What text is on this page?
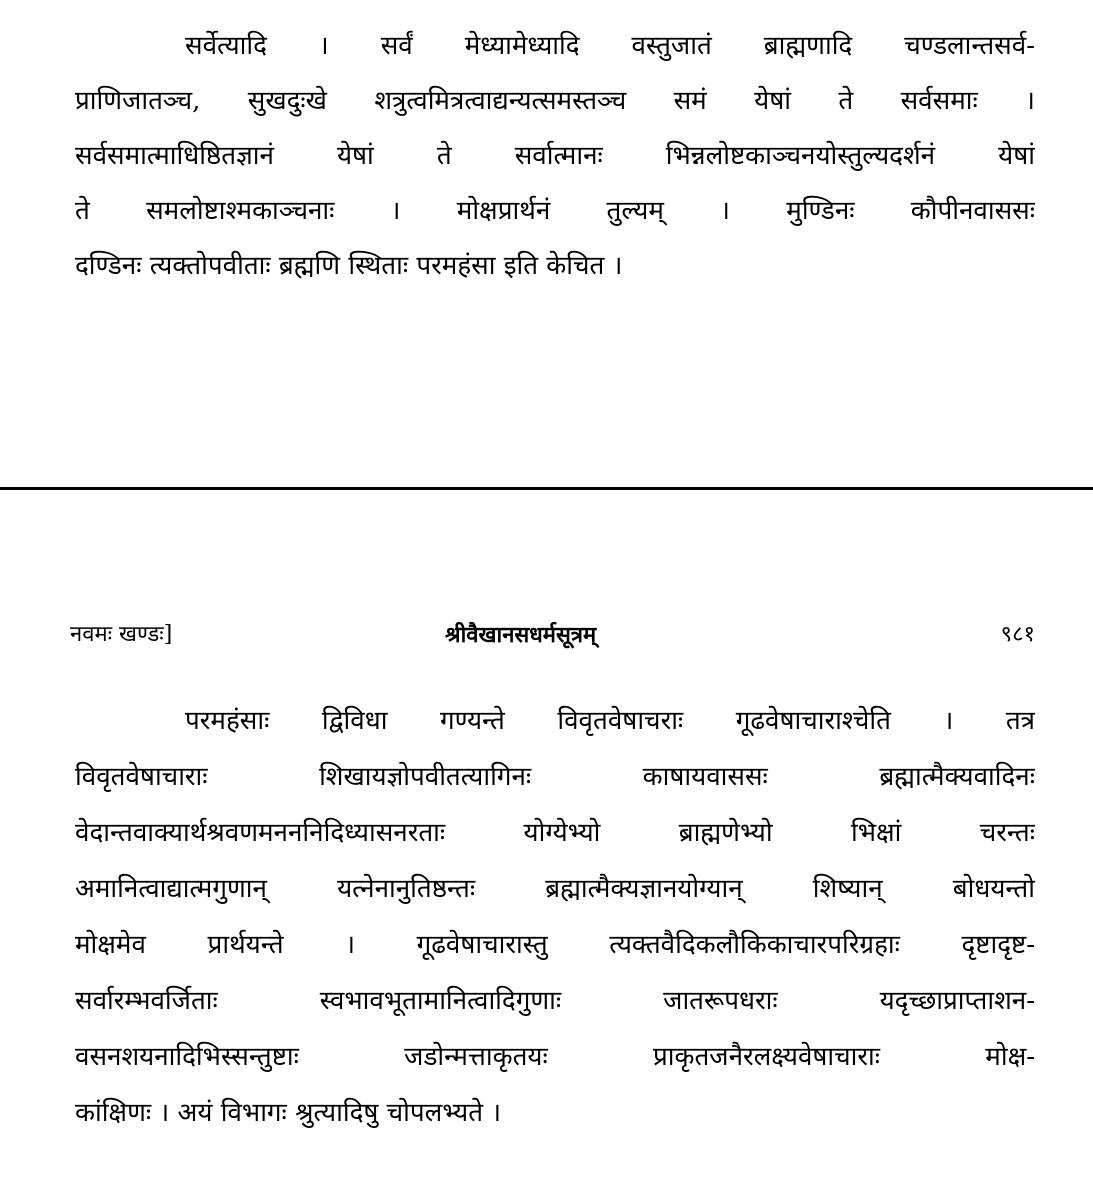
सर्वेत्यादि । सर्वं मेध्यामेध्यादि वस्तुजातं ब्राह्मणादि चण्डलान्तसर्व-
प्राणिजातञ्च, सुखदुःखे शत्रुत्वमित्रत्वाद्यन्यत्समस्तञ्च समं येषां ते सर्वसमाः ।
सर्वसमात्माधिष्ठितज्ञानं येषां ते सर्वात्मानः भिन्नलोष्टकाञ्चनयोस्तुल्यदर्शनं येषां
ते समलोष्टाश्मकाञ्चनाः । मोक्षप्रार्थनं तुल्यम् । मुण्डिनः कौपीनवाससः
दण्डिनः त्यक्तोपवीताः ब्रह्मणि स्थिताः परमहंसा इति केचित ।
नवमः खण्डः]	श्रीवैखानसधर्मसूत्रम्	९८१
परमहंसाः द्विविधा गण्यन्ते विवृतवेषाचराः गूढवेषाचाराश्चेति । तत्र
विवृतवेषाचाराः शिखायज्ञोपवीतत्यागिनः काषायवाससः ब्रह्मात्मैक्यवादिनः
वेदान्तवाक्यार्थश्रवणमनननिदिध्यासनरताः योग्येभ्यो ब्राह्मणेभ्यो भिक्षां चरन्तः
अमानित्वाद्यात्मगुणान् यत्नेनानुतिष्ठन्तः ब्रह्मात्मैक्यज्ञानयोग्यान् शिष्यान् बोधयन्तो
मोक्षमेव प्रार्थयन्ते । गूढवेषाचारास्तु त्यक्तवैदिकलौकिकाचारपरिग्रहाः दृष्टादृष्ट-
सर्वारम्भवर्जिताः स्वभावभूतामानित्वादिगुणाः जातरूपधराः यदृच्छाप्राप्ताशन-
वसनशयनादिभिस्सन्तुष्टाः जडोन्मत्ताकृतयः प्राकृतजनैरलक्ष्यवेषाचाराः मोक्ष-
कांक्षिणः । अयं विभागः श्रुत्यादिषु चोपलभ्यते ।
